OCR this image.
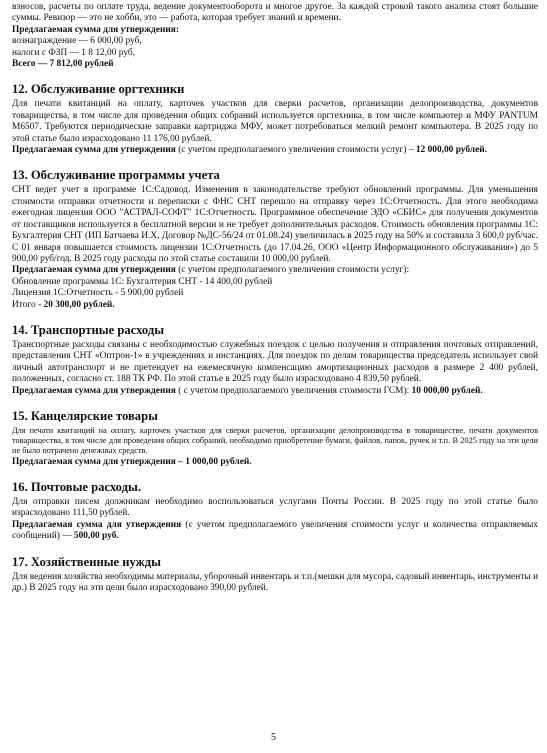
взносов, расчеты по оплате труда, ведение документооборота и многое другое. За каждой строкой такого анализа стоят большие суммы. Ревизор — это не хобби, это — работа, которая требует знаний и времени.

Предлагаемая сумма для утверждения:
вознаграждение — 6 000,00 руб,
налоги с ФЗП — 1 8 12,00 руб,
Всего — 7 812,00 рублей
12. Обслуживание оргтехники

Для печати квитанций на оплату, карточек участков для сверки расчетов, организации делопроизводства, документов товарищества, в том числе для проведения общих собраний используется оргтехника, в том числе компьютер и МФУ PANTUM M6507. Требуются периодические заправки картриджа МФУ, может потребоваться мелкий ремонт компьютера. В 2025 году по этой статье было израсходовано 11 176,00 рублей.

Предлагаемая сумма для утверждения (с учетом предполагаемого увеличения стоимости услуг) – 12 000,00 рублей.

13. Обслуживание программы учета

СНТ ведет учет в программе 1С:Садовод. Изменения в законодательстве требуют обновлений программы. Для уменьшения стоимости отправки отчетности и переписки с ФНС СНТ перешло на отправку через 1С:Отчетность. Для этого необходима ежегодная лицензия ООО "АСТРАЛ-СОФТ" 1С:Отчетность. Программное обеспечение ЭДО «СБИС» для получения документов от поставщиков используется в бесплатной версии и не требует дополнительных расходов. Стоимость обновления программы 1С: Бухгалтерия СНТ (ИП Батчаева И.Х, Договор №ДС-56/24 от 01.08.24) увеличилась в 2025 году на 50% и составила 3 600,0 руб/час. С 01 января повышается стоимость лицензии 1С:Отчетность (до 17.04.26, ООО «Центр Информационного обслуживания») до 5 900,00 руб/год. В 2025 году расходы по этой статье составили 10 000,00 рублей.

Предлагаемая сумма для утверждения (с учетом предполагаемого увеличения стоимости услуг):

Обновление программы 1С: Бухгалтерия СНТ - 14 400,00 рублей
Лицензия 1С:Отчетность - 5 900,00 рублей
Итого - 20 300,00 рублей.
14. Транспортные расходы

Транспортные расходы связаны с необходимостью служебных поездок с целью получения и отправления почтовых отправлений, представления СНТ «Оптрон-1» в учреждениях и инстанциях. Для поездок по делам товарищества председатель использует свой личный автотранспорт и не претендует на ежемесячную компенсацию амортизационных расходов в размере 2 400 рублей, положенных, согласно ст. 188 ТК РФ. По этой статье в 2025 году было израсходовано 4 839,50 рублей.

Предлагаемая сумма для утверждения ( с учетом предполагаемого увеличения стоимости ГСМ): 10 000,00 рублей.

15. Канцелярские товары

Для печати квитанций на оплату, карточек участков для сверки расчетов, организации делопроизводства в товариществе, печати документов товарищества, в том числе для проведения общих собраний, необходимо приобретение бумаги, файлов, папок, ручек и т.п. В 2025 году на эти цели не было потрачено денежных средств.

Предлагаемая сумма для утверждения – 1 000,00 рублей.
16. Почтовые расходы.

Для отправки писем должникам необходимо воспользоваться услугами Почты России. В 2025 году по этой статье было израсходовано 111,50 рублей.

Предлагаемая сумма для утверждения (с учетом предполагаемого увеличения стоимости услуг и количества отправляемых сообщений) — 500,00 руб.

17. Хозяйственные нужды

Для ведения хозяйства необходимы материалы, уборочный инвентарь и т.п.(мешки для мусора, садовый инвентарь, инструменты и др.) В 2025 году на эти цели было израсходовано 390,00 рублей.

5
